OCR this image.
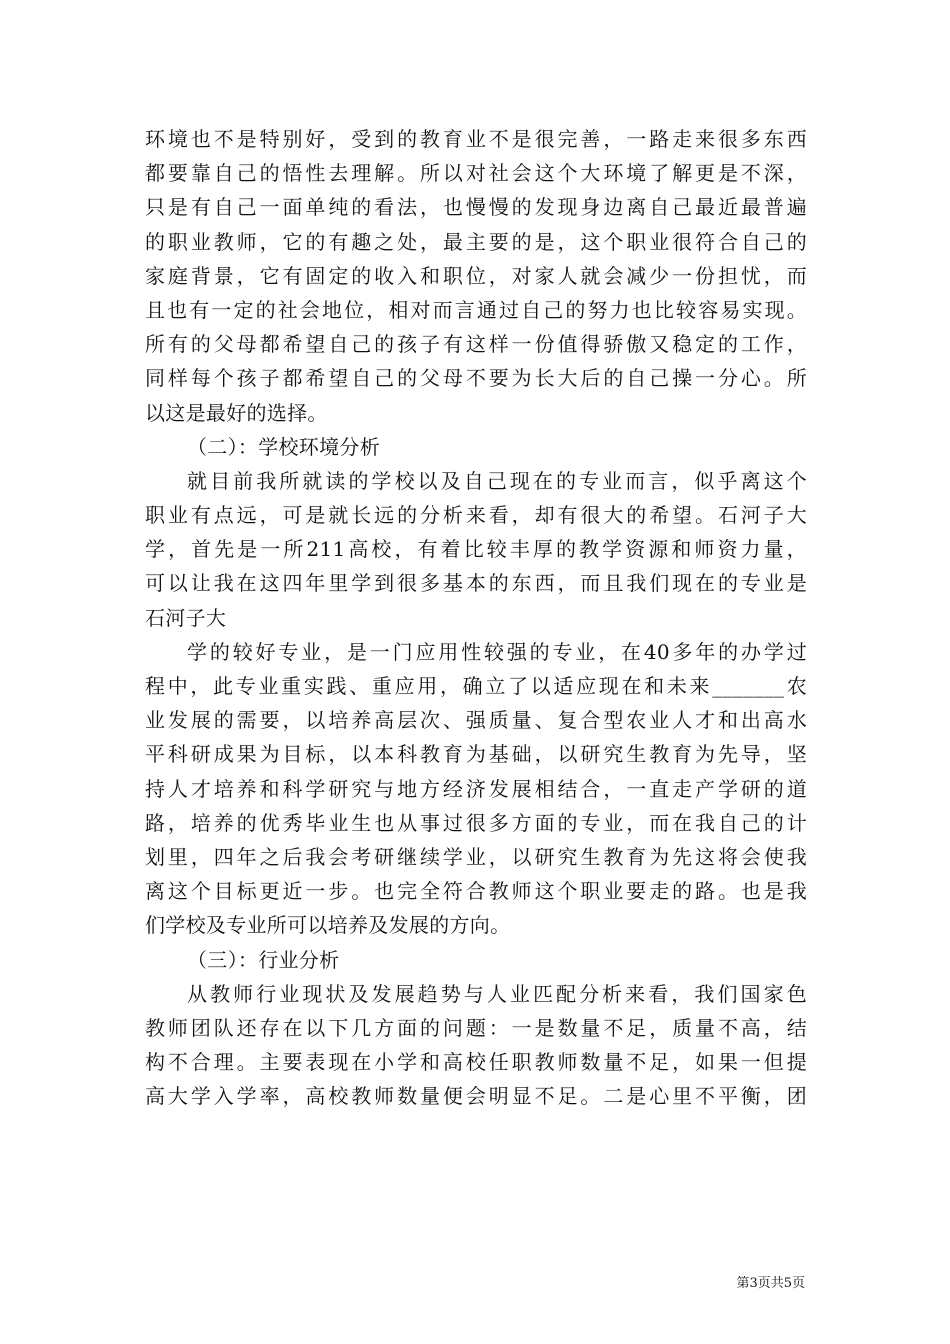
环境也不是特别好，受到的教育业不是很完善，一路走来很多东西
都要靠自己的悟性去理解。所以对社会这个大环境了解更是不深，
只是有自己一面单纯的看法，也慢慢的发现身边离自己最近最普遍
的职业教师，它的有趣之处，最主要的是，这个职业很符合自己的
家庭背景，它有固定的收入和职位，对家人就会减少一份担忧，而
且也有一定的社会地位，相对而言通过自己的努力也比较容易实现。
所有的父母都希望自己的孩子有这样一份值得骄傲又稳定的工作，
同样每个孩子都希望自己的父母不要为长大后的自己操一分心。所
以这是最好的选择。
（二）：学校环境分析
就目前我所就读的学校以及自己现在的专业而言，似乎离这个
职业有点远，可是就长远的分析来看，却有很大的希望。石河子大
学，首先是一所211高校，有着比较丰厚的教学资源和师资力量，
可以让我在这四年里学到很多基本的东西，而且我们现在的专业是
石河子大
学的较好专业，是一门应用性较强的专业，在40多年的办学过
程中，此专业重实践、重应用，确立了以适应现在和未来_______农
业发展的需要，以培养高层次、强质量、复合型农业人才和出高水
平科研成果为目标，以本科教育为基础，以研究生教育为先导，坚
持人才培养和科学研究与地方经济发展相结合，一直走产学研的道
路，培养的优秀毕业生也从事过很多方面的专业，而在我自己的计
划里，四年之后我会考研继续学业，以研究生教育为先这将会使我
离这个目标更近一步。也完全符合教师这个职业要走的路。也是我
们学校及专业所可以培养及发展的方向。
（三）：行业分析
从教师行业现状及发展趋势与人业匹配分析来看，我们国家色
教师团队还存在以下几方面的问题：一是数量不足，质量不高，结
构不合理。主要表现在小学和高校任职教师数量不足，如果一但提
高大学入学率，高校教师数量便会明显不足。二是心里不平衡，团
第3页共5页
